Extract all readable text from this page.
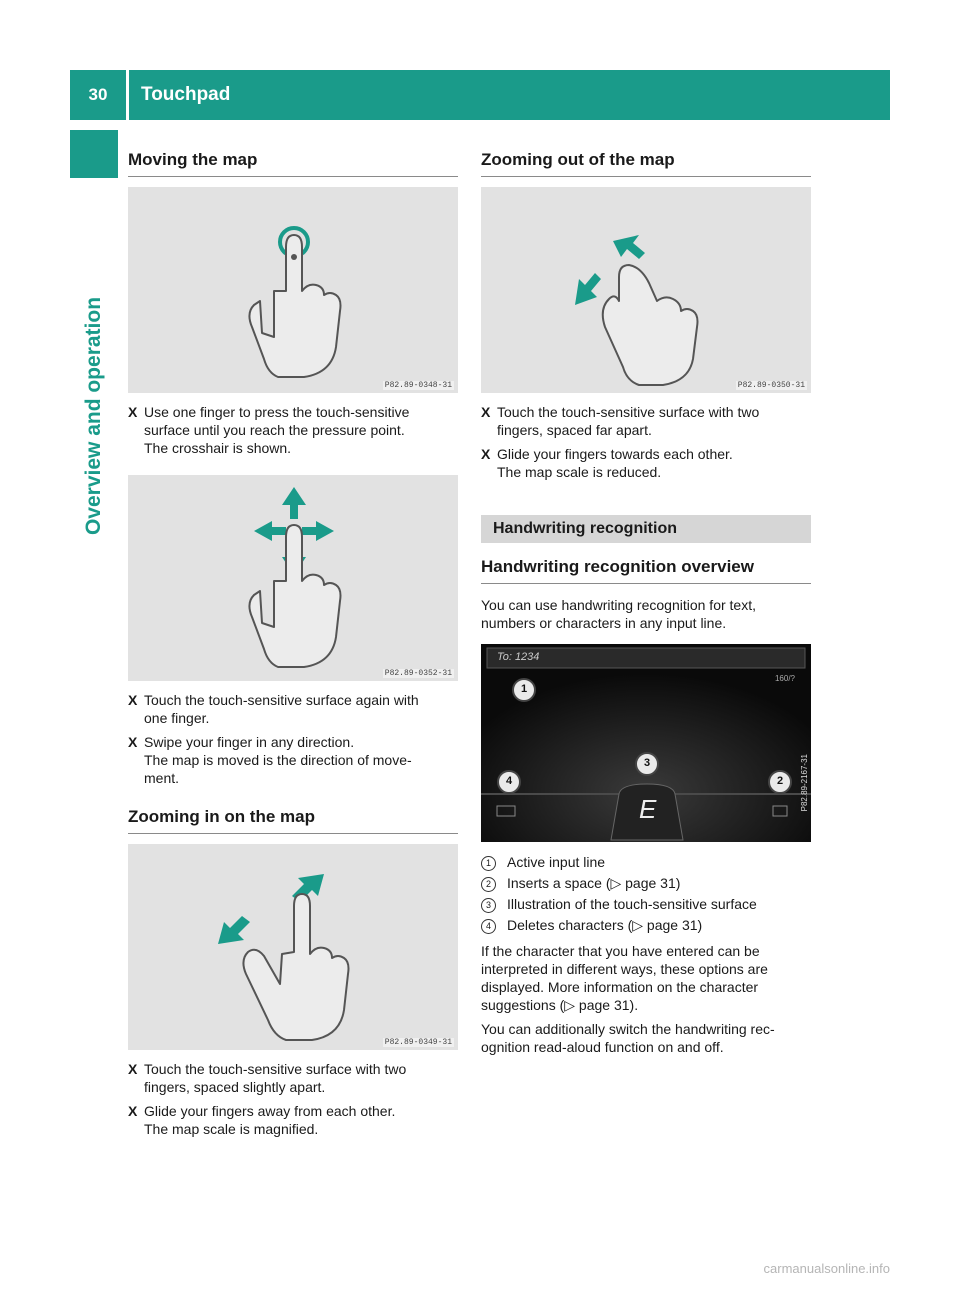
30	Touchpad
Overview and operation
Moving the map
P82.89-0348-31
X Use one finger to press the touch-sensitive
surface until you reach the pressure point.
The crosshair is shown.
P82.89-0352-31
X Touch the touch-sensitive surface again with
one finger.
X Swipe your finger in any direction.
The map is moved is the direction of move-
ment.
Zooming in on the map
P82.89-0349-31
X Touch the touch-sensitive surface with two
fingers, spaced slightly apart.
X Glide your fingers away from each other.
The map scale is magnified.
Zooming out of the map
P82.89-0350-31
X Touch the touch-sensitive surface with two
fingers, spaced far apart.
X Glide your fingers towards each other.
The map scale is reduced.
Handwriting recognition
Handwriting recognition overview

You can use handwriting recognition for text,
numbers or characters in any input line.

To: 1234
160/?
E
1
2
3
4	P82.89-2167-31
1	Active input line
2	Inserts a space (▷ page 31)
3	Illustration of the touch-sensitive surface
4	Deletes characters (▷ page 31)

If the character that you have entered can be
interpreted in different ways, these options are
displayed. More information on the character
suggestions (▷ page 31).

You can additionally switch the handwriting rec-
ognition read-aloud function on and off.

carmanualsonline.info
